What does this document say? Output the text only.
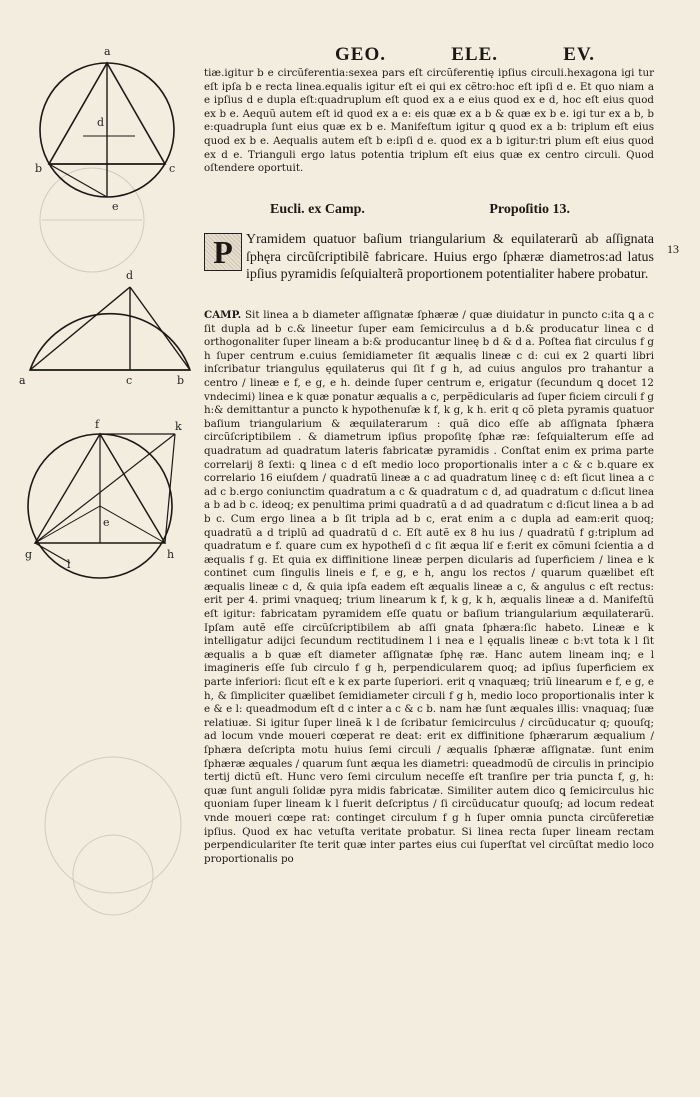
a
d
b	c
e
d
a	c	b
f	k
e
g
l
h
GEO.	ELE.	EV.

tiæ.igitur b e circũferentia:sexea pars eſt circũferentię ipſius circuli.hexagona igi tur eſt ipſa b e recta linea.equalis igitur eſt ei qui ex cẽtro:hoc eſt ipſi d e. Et quo niam a e ipſius d e dupla eſt:quadruplum eſt quod ex a e eius quod ex e d, hoc eſt eius quod ex b e. Aequũ autem eſt id quod ex a e: eis quæ ex a b & quæ ex b e. igi tur ex a b, b e:quadrupla ſunt eius quæ ex b e. Manifeſtum igitur ꝗ quod ex a b: triplum eſt eius quod ex b e. Aequalis autem eſt b e:ipſi d e. quod ex a b igitur:tri plum eſt eius quod ex d e. Trianguli ergo latus potentia triplum eſt eius quæ ex centro circuli. Quod oſtendere oportuit.

Eucli. ex Camp.	Propoſitio 13.
13
P Yramidem quatuor baſium triangularium & equilaterarũ ab aſſignata ſphęra circũſcriptibilẽ fabricare. Huius ergo ſphæræ diametros:ad latus ipſius pyramidis ſeſquialterã proportionem potentialiter habere probatur.

CAMP. Sit linea a b diameter aſſignatæ ſphæræ / quæ diuidatur in puncto c:ita ꝗ a c ſit dupla ad b c.& lineetur ſuper eam ſemicirculus a d b.& producatur linea c d orthogonaliter ſuper lineam a b:& producantur lineę b d & d a. Poſtea fiat circulus f g h ſuper centrum e.cuius ſemidiameter ſit æqualis lineæ c d: cui ex 2 quarti libri inſcribatur triangulus ęquilaterus qui ſit f g h, ad cuius angulos pro trahantur a centro / lineæ e f, e g, e h. deinde ſuper centrum e, erigatur (ſecundum ꝗ docet 12 vndecimi) linea e k quæ ponatur æqualis a c, perpẽdicularis ad ſuper ficiem circuli f g h:& demittantur a puncto k hypothenuſæ k f, k g, k h. erit q cõ pleta pyramis quatuor baſium triangularium & æquilaterarum : quã dico eſſe ab aſſignata ſphæra circũſcriptibilem . & diametrum ipſius propoſitę ſphæ ræ: ſeſquialterum eſſe ad quadratum ad quadratum lateris fabricatæ pyramidis . Conſtat enim ex prima parte correlarij 8 ſexti: ꝗ linea c d eſt medio loco proportionalis inter a c & c b.quare ex correlario 16 eiuſdem / quadratũ lineæ a c ad quadratum lineę c d: eſt ſicut linea a c ad c b.ergo coniunctim quadratum a c & quadratum c d, ad quadratum c d:ſicut linea a b ad b c. ideoq; ex penultima primi quadratũ a d ad quadratum c d:ſicut linea a b ad b c. Cum ergo linea a b ſit tripla ad b c, erat enim a c dupla ad eam:erit quoq; quadratũ a d triplũ ad quadratũ d c. Eſt autẽ ex 8 hu ius / quadratũ f g:triplum ad quadratum e f. quare cum ex hypotheſi d c ſit æqua liſ e f:erit ex cõmuni ſcientia a d æqualis f g. Et quia ex diffinitione lineæ perpen dicularis ad ſuperficiem / linea e k continet cum ſingulis lineis e f, e g, e h, angu los rectos / quarum quælibet eſt æqualis lineæ c d, & quia ipſa eadem eſt æqualis lineæ a c, & angulus c eſt rectus: erit per 4. primi vnaqueq; trium linearum k f, k g, k h, æqualis lineæ a d. Manifeſtũ eſt igitur: fabricatam pyramidem eſſe quatu or baſium triangularium æquilaterarũ. Ipſam autẽ eſſe circũſcriptibilem ab aſſi gnata ſphæra:ſic habeto. Lineæ e k intelligatur adijci ſecundum rectitudinem l i nea e l ęqualis lineæ c b:vt tota k l ſit æqualis a b quæ eſt diameter aſſignatæ ſphę ræ. Hanc autem lineam inq; e l imagineris eſſe ſub circulo f g h, perpendicularem quoq; ad ipſius ſuperficiem ex parte inferiori: ſicut eſt e k ex parte ſuperiori. erit q vnaquæq; triũ linearum e f, e g, e h, & ſimpliciter quælibet ſemidiameter circuli f g h, medio loco proportionalis inter k e & e l: queadmodum eſt d c inter a c & c b. nam hæ ſunt æquales illis: vnaquaq; ſuæ relatiuæ. Si igitur ſuper lineã k l de ſcribatur ſemicirculus / circũducatur q; quouſq; ad locum vnde moueri cœperat re deat: erit ex diffinitione ſphærarum æqualium / ſphæra deſcripta motu huius ſemi circuli / æqualis ſphæræ aſſignatæ. ſunt enim ſphæræ æquales / quarum ſunt æqua les diametri: queadmodũ de circulis in principio tertij dictũ eſt. Hunc vero ſemi circulum neceſſe eſt tranſire per tria puncta f, g, h: quæ ſunt anguli ſolidæ pyra midis fabricatæ. Similiter autem dico ꝗ ſemicirculus hic quoniam ſuper lineam k l fuerit deſcriptus / ſi circũducatur quouſq; ad locum redeat vnde moueri cœpe rat: continget circulum f g h ſuper omnia puncta circũferetiæ ipſius. Quod ex hac vetuſta veritate probatur. Si linea recta ſuper lineam rectam perpendiculariter ſte terit quæ inter partes eius cui ſuperſtat vel circũſtat medio loco proportionalis po
